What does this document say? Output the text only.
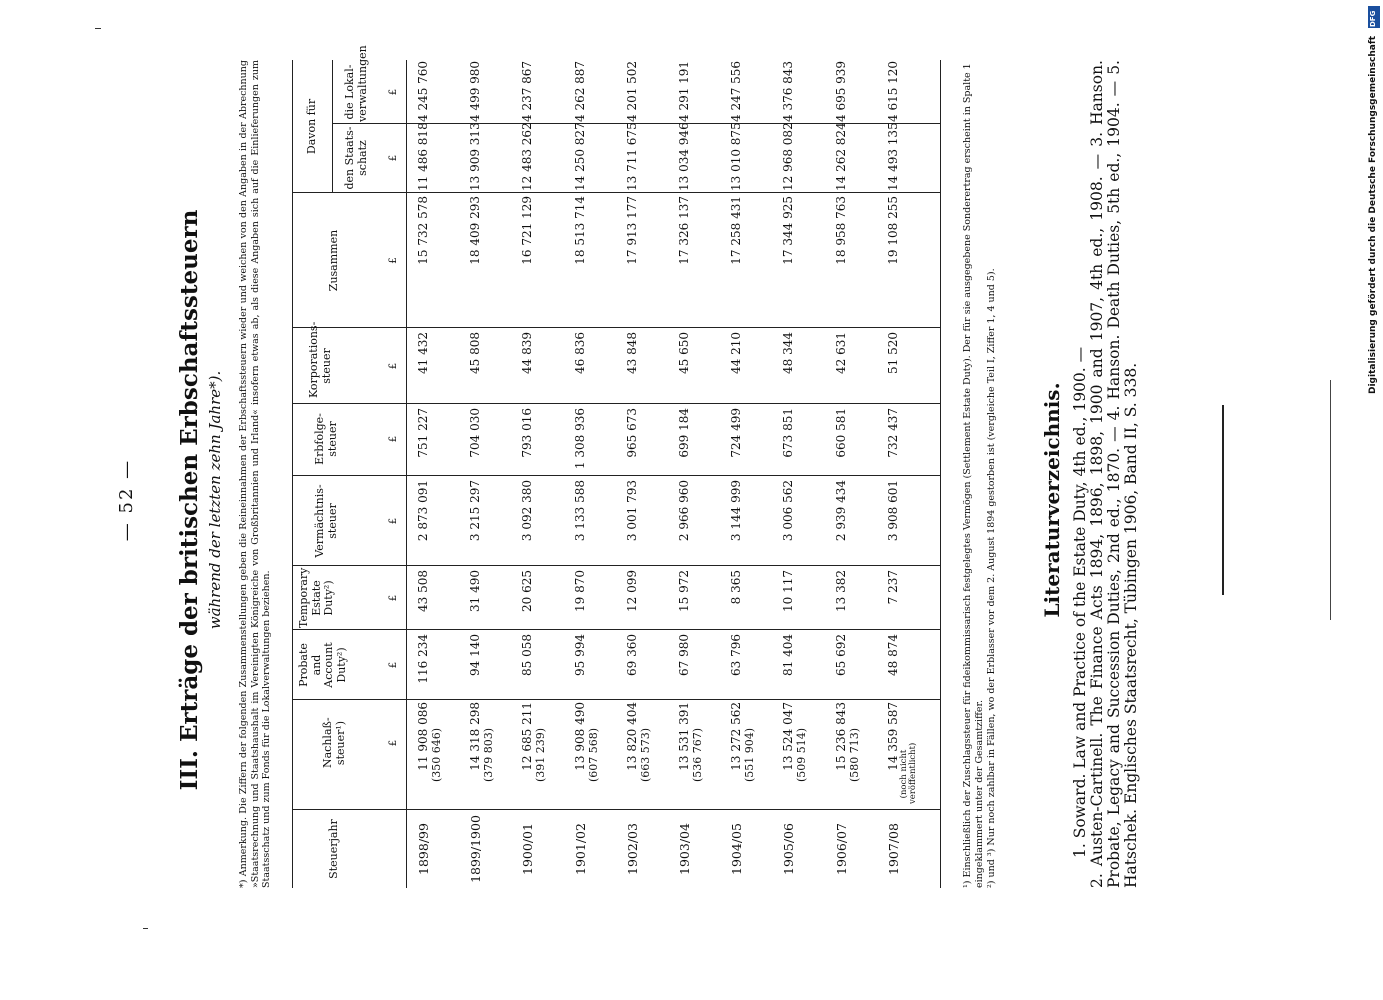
— 52 — III. Erträge der britischen Erbschaftssteuern während der letzten zehn Jahre*). *) Anmerkung. Die Ziffern der folgenden Zusammenstellungen geben die Reineinnahmen der Erbschaftssteuern wieder und weichen von den Angaben in der Abrechnung »Staatsrechnung und Staatshaushalt im Vereinigten Königreiche von Großbritannien und Irland« insofern etwas ab, als diese Angaben sich auf die Einlieferungen zum Staatsschatz und zum Fonds für die Lokalverwaltungen beziehen.	Steuerjahr
Nachlaß-steuer¹)
Probate and Account Duty²)
Temporary Estate Duty²)
Vermächtnis-steuer
Erbfolge-steuer
Korporations-steuer
Zusammen
Davon für den Staats-schatz
die Lokal-verwaltungen
£
£
£
£
£
£
£
£
£
1898/99
11 908 086
116 234
43 508
2 873 091
751 227
41 432
15 732 578
11 486 818
4 245 760
(350 646)
1899/1900
14 318 298
94 140
31 490
3 215 297
704 030
45 808
18 409 293
13 909 313
4 499 980
(379 803)
1900/01
12 685 211
85 058
20 625
3 092 380
793 016
44 839
16 721 129
12 483 262
4 237 867
(391 239)
1901/02
13 908 490
95 994
19 870
3 133 588
1 308 936
46 836
18 513 714
14 250 827
4 262 887
(607 568)
1902/03
13 820 404
69 360
12 099
3 001 793
965 673
43 848
17 913 177
13 711 675
4 201 502
(663 573)
1903/04
13 531 391
67 980
15 972
2 966 960
699 184
45 650
17 326 137
13 034 946
4 291 191
(536 767)
1904/05
13 272 562
63 796
8 365
3 144 999
724 499
44 210
17 258 431
13 010 875
4 247 556
(551 904)
1905/06
13 524 047
81 404
10 117
3 006 562
673 851
48 344
17 344 925
12 968 082
4 376 843
(509 514)
1906/07
15 236 843
65 692
13 382
2 939 434
660 581
42 631
18 958 763
14 262 824
4 695 939
(580 713)
1907/08
14 359 587
48 874
7 237
3 908 601
732 437
51 520
19 108 255
14 493 135
4 615 120
(noch nicht veröffentlicht)	¹) Einschließlich der Zuschlagssteuer für fideikommissarisch festgelegtes Vermögen (Settlement Estate Duty). Der für sie ausgegebene Sonderertrag erscheint in Spalte 1 eingeklammert unter der Gesamtziffer. ²) und ³) Nur noch zahlbar in Fällen, wo der Erblasser vor dem 2. August 1894 gestorben ist (vergleiche Teil I, Ziffer 1, 4 und 5). Literaturverzeichnis. 1. Soward. Law and Practice of the Estate Duty, 4th ed., 1900. — 2. Austen-Cartinell. The Finance Acts 1894, 1896, 1898, 1900 and 1907, 4th ed., 1908. — 3. Hanson. Probate, Legacy and Succession Duties, 2nd ed., 1870. — 4. Hanson. Death Duties, 5th ed., 1904. — 5. Hatschek. Englisches Staatsrecht, Tübingen 1906, Band II, S. 338.

DFG
Digitalisierung gefördert durch die Deutsche Forschungsgemeinschaft
